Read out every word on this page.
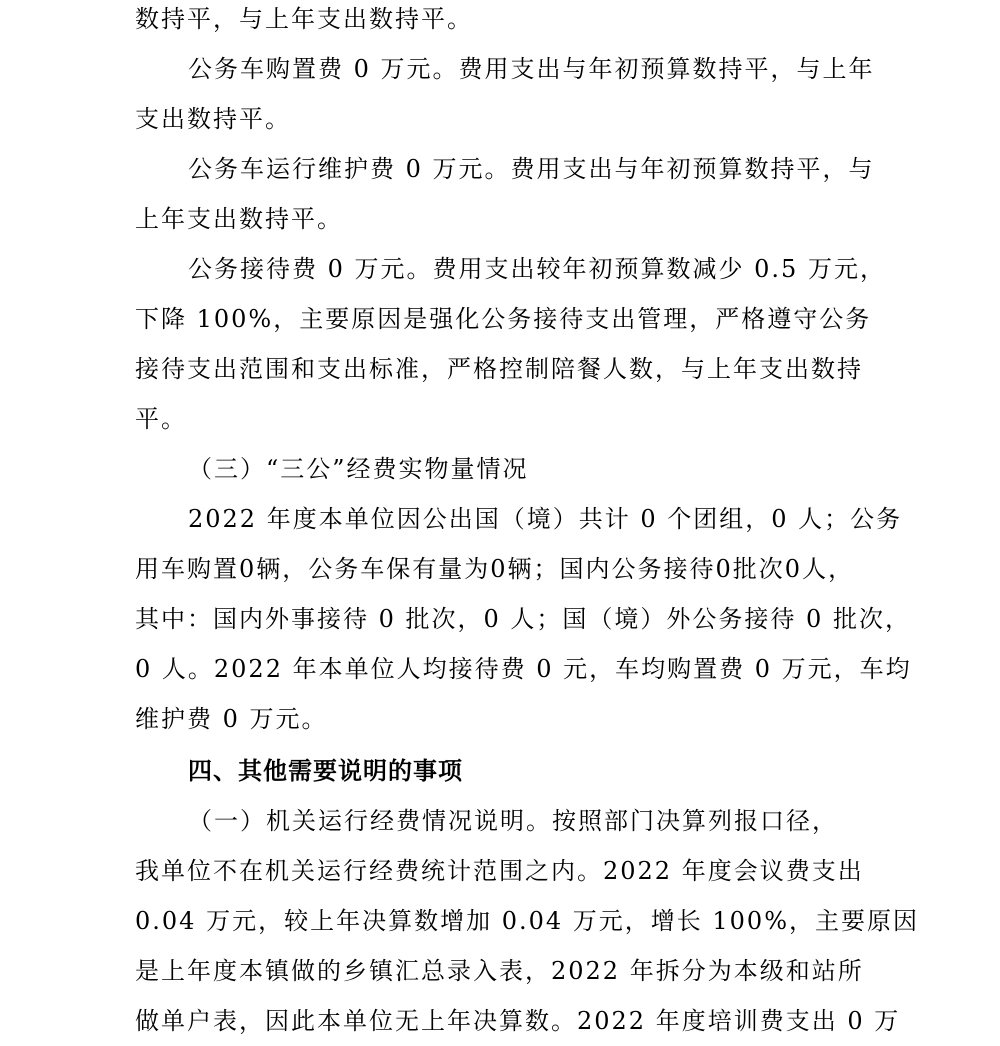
数持平，与上年支出数持平。
公务车购置费 0 万元。费用支出与年初预算数持平，与上年
支出数持平。
公务车运行维护费 0 万元。费用支出与年初预算数持平，与
上年支出数持平。
公务接待费 0 万元。费用支出较年初预算数减少 0.5 万元，
下降 100%，主要原因是强化公务接待支出管理，严格遵守公务
接待支出范围和支出标准，严格控制陪餐人数，与上年支出数持
平。
（三）“三公”经费实物量情况
2022 年度本单位因公出国（境）共计 0 个团组，0 人；公务
用车购置0辆，公务车保有量为0辆；国内公务接待0批次0人，
其中：国内外事接待 0 批次，0 人；国（境）外公务接待 0 批次，
0 人。2022 年本单位人均接待费 0 元，车均购置费 0 万元，车均
维护费 0 万元。
四、其他需要说明的事项
（一）机关运行经费情况说明。按照部门决算列报口径，
我单位不在机关运行经费统计范围之内。2022 年度会议费支出
0.04 万元，较上年决算数增加 0.04 万元，增长 100%，主要原因
是上年度本镇做的乡镇汇总录入表，2022 年拆分为本级和站所
做单户表，因此本单位无上年决算数。2022 年度培训费支出 0 万
